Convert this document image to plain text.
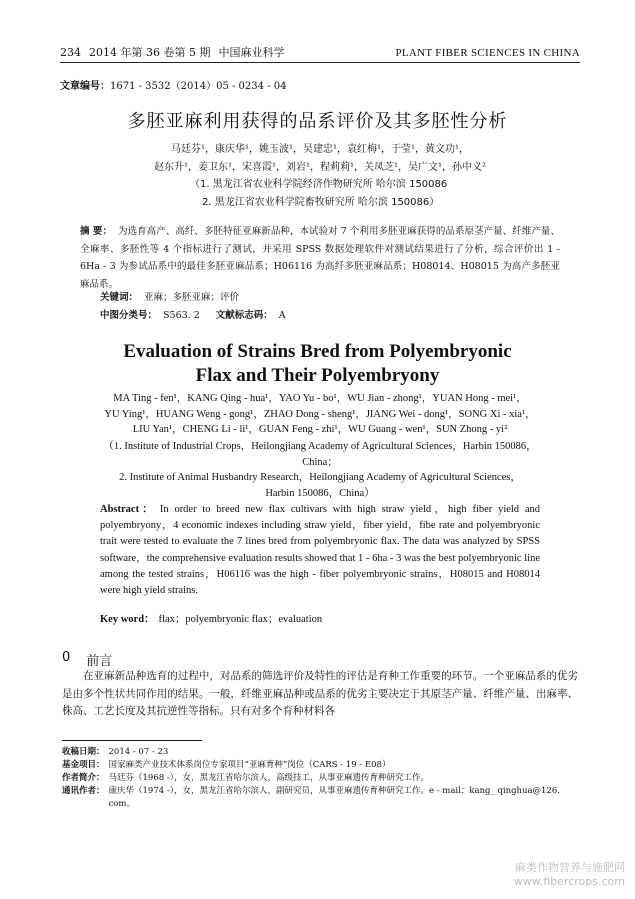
234 2014 年第 36 卷第 5 期 中国麻业科学	PLANT FIBER SCIENCES IN CHINA
文章编号：1671 - 3532（2014）05 - 0234 - 04
多胚亚麻利用获得的品系评价及其多胚性分析
马廷芬¹，康庆华¹，姚玉波¹，吴建忠¹，袁红梅¹，于莹¹，黄文功¹，
赵东升¹，姜卫东¹，宋喜霞¹，刘岩¹，程莉莉¹，关凤芝¹，吴广文¹，孙中义²
（1. 黑龙江省农业科学院经济作物研究所 哈尔滨 150086
2. 黑龙江省农业科学院畜牧研究所 哈尔滨 150086）
摘 要： 为选育高产、高纤、多胚特征亚麻新品种，本试验对 7 个利用多胚亚麻获得的品系原茎产量、纤维产量、全麻率、多胚性等 4 个指标进行了测试，并采用 SPSS 数据处理软件对测试结果进行了分析，综合评价出 1 - 6Ha - 3 为参试品系中的最佳多胚亚麻品系；H06116 为高纤多胚亚麻品系；H08014、H08015 为高产多胚亚麻品系。
关键词： 亚麻；多胚亚麻；评价
中图分类号： S563. 2 文献标志码： A
Evaluation of Strains Bred from Polyembryonic
Flax and Their Polyembryony
MA Ting - fen¹，KANG Qing - hua¹，YAO Yu - bo¹，WU Jian - zhong¹，YUAN Hong - mei¹，
YU Ying¹，HUANG Weng - gong¹，ZHAO Dong - sheng¹，JIANG Wei - dong¹，SONG Xi - xia¹，
LIU Yan¹，CHENG Li - li¹，GUAN Feng - zhi¹，WU Guang - wen¹，SUN Zhong - yi²
（1. Institute of Industrial Crops，Heilongjiang Academy of Agricultural Sciences，Harbin 150086，China；
2. Institute of Animal Husbandry Research，Heilongjiang Academy of Agricultural Sciences，
Harbin 150086，China）
Abstract： In order to breed new flax cultivars with high straw yield，high fiber yield and polyembryony，4 economic indexes including straw yield，fiber yield，fibe rate and polyembryonic trait were tested to evaluate the 7 lines bred from polyembryonic flax. The data was analyzed by SPSS software，the comprehensive evaluation results showed that 1 - 6ha - 3 was the best polyembryonic line among the tested strains，H06116 was the high - fiber polyembryonic strains，H08015 and H08014 were high yield strains.
Key word： flax；polyembryonic flax；evaluation
0 前言
在亚麻新品种选育的过程中，对品系的筛选评价及特性的评估是育种工作重要的环节。一个亚麻品系的优劣是由多个性状共同作用的结果。一般，纤维亚麻品种或品系的优劣主要决定于其原茎产量、纤维产量、出麻率、株高、工艺长度及其抗逆性等指标。只有对多个育种材料各
收稿日期： 2014 - 07 - 23
基金项目： 国家麻类产业技术体系岗位专家项目“亚麻育种”岗位（CARS - 19 - E08）
作者简介： 马廷芬（1968 -），女，黑龙江省哈尔滨人，高级技工，从事亚麻遗传育种研究工作。
通讯作者： 康庆华（1974 -），女，黑龙江省哈尔滨人，副研究员，从事亚麻遗传育种研究工作。e - mail：kang_ qinghua@126. com。
麻类作物营养与施肥网
www.fibercrops.com
